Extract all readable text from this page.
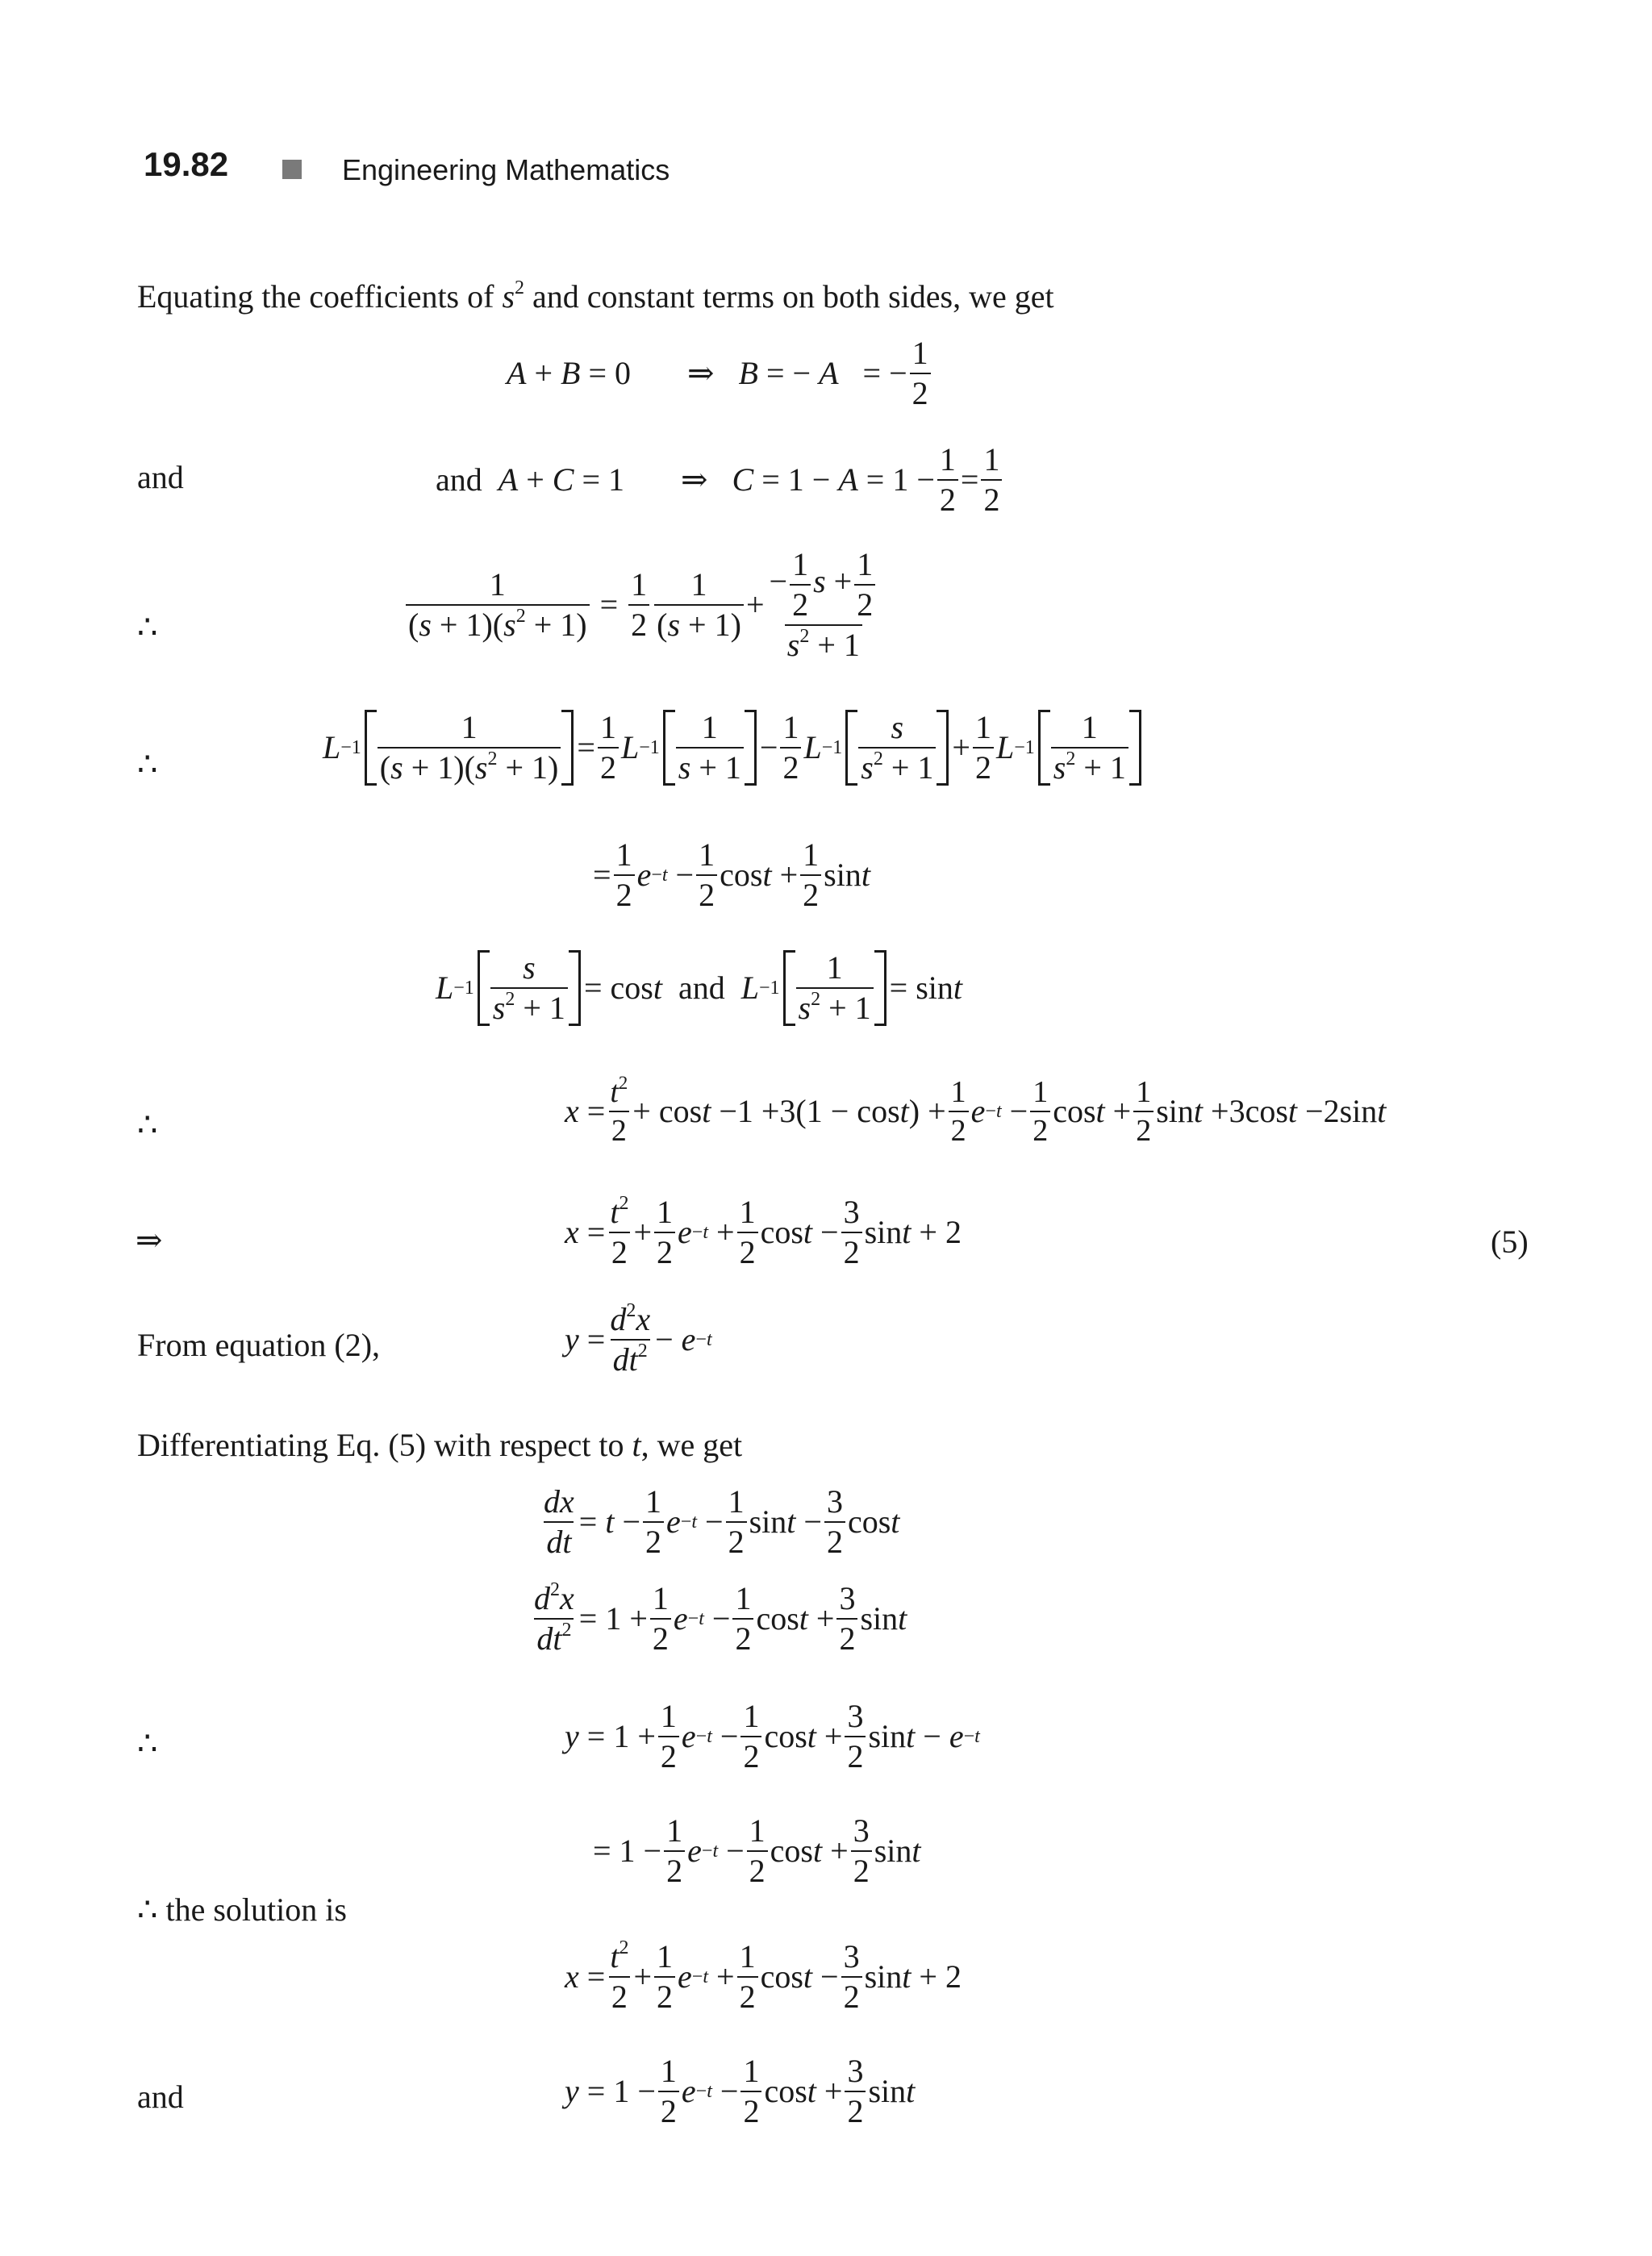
19.82	Engineering Mathematics
Equating the coefficients of $s^2$ and constant terms on both sides, we get
A + B = 0
⇒ B = − A = −
1
2
and	and
A + C = 1
⇒ C = 1 − A = 1 −
1
2
=
1
2
∴
1
$(s + 1)(s^2 + 1)$
=
1
2
1
(s + 1)
+
− $\frac{1}{2}$ $s + \frac{1}{2}$
$s^2 + 1$
∴	L −1
1
$(s + 1)(s^2 + 1)$
=
1
2
L −1
1
s + 1
−
1
2
L −1
s
$s^2 + 1$
+
1
2
L −1
1
$s^2 + 1$
=
1
2
e −t −
1
2
cos t +
1
2
sin t
L −1
s
$s^2 + 1$
= cos t
and
L −1
1
$s^2 + 1$
= sin t
∴	x =
$t^2$
2
+ cos t −1 +3(1 − cos t ) +
1
2
e −t −
1
2
cos t +
1
2
sin t +3cos t −2sin t
⇒	x =
$t^2$
2
+
1
2
e −t +
1
2
cos t −
3
2
sin t + 2	(5)
From equation (2),	y =
$d^2x$
$dt^2 - e -t$
Differentiating Eq. (5) with respect to t, we get
dx
dt
= t −
1
2
e −t −
1
2
sin t −
3
2
cos t
$d^2x$
$dt^2 = 1$ +
1
2
e −t −
1
2
cos t +
3
2
sin t
∴	y = 1 +
1
2
e −t −
1
2
cos t +
3
2
sin t − e −t
= 1 −
1
2
e −t −
1
2
cos t +
3
2
sin t
∴ the solution is
x =
$t^2$
2
+
1
2
e −t +
1
2
cos t −
3
2
sin t + 2
and	y = 1 −
1
2
e −t −
1
2
cos t +
3
2
sin t
